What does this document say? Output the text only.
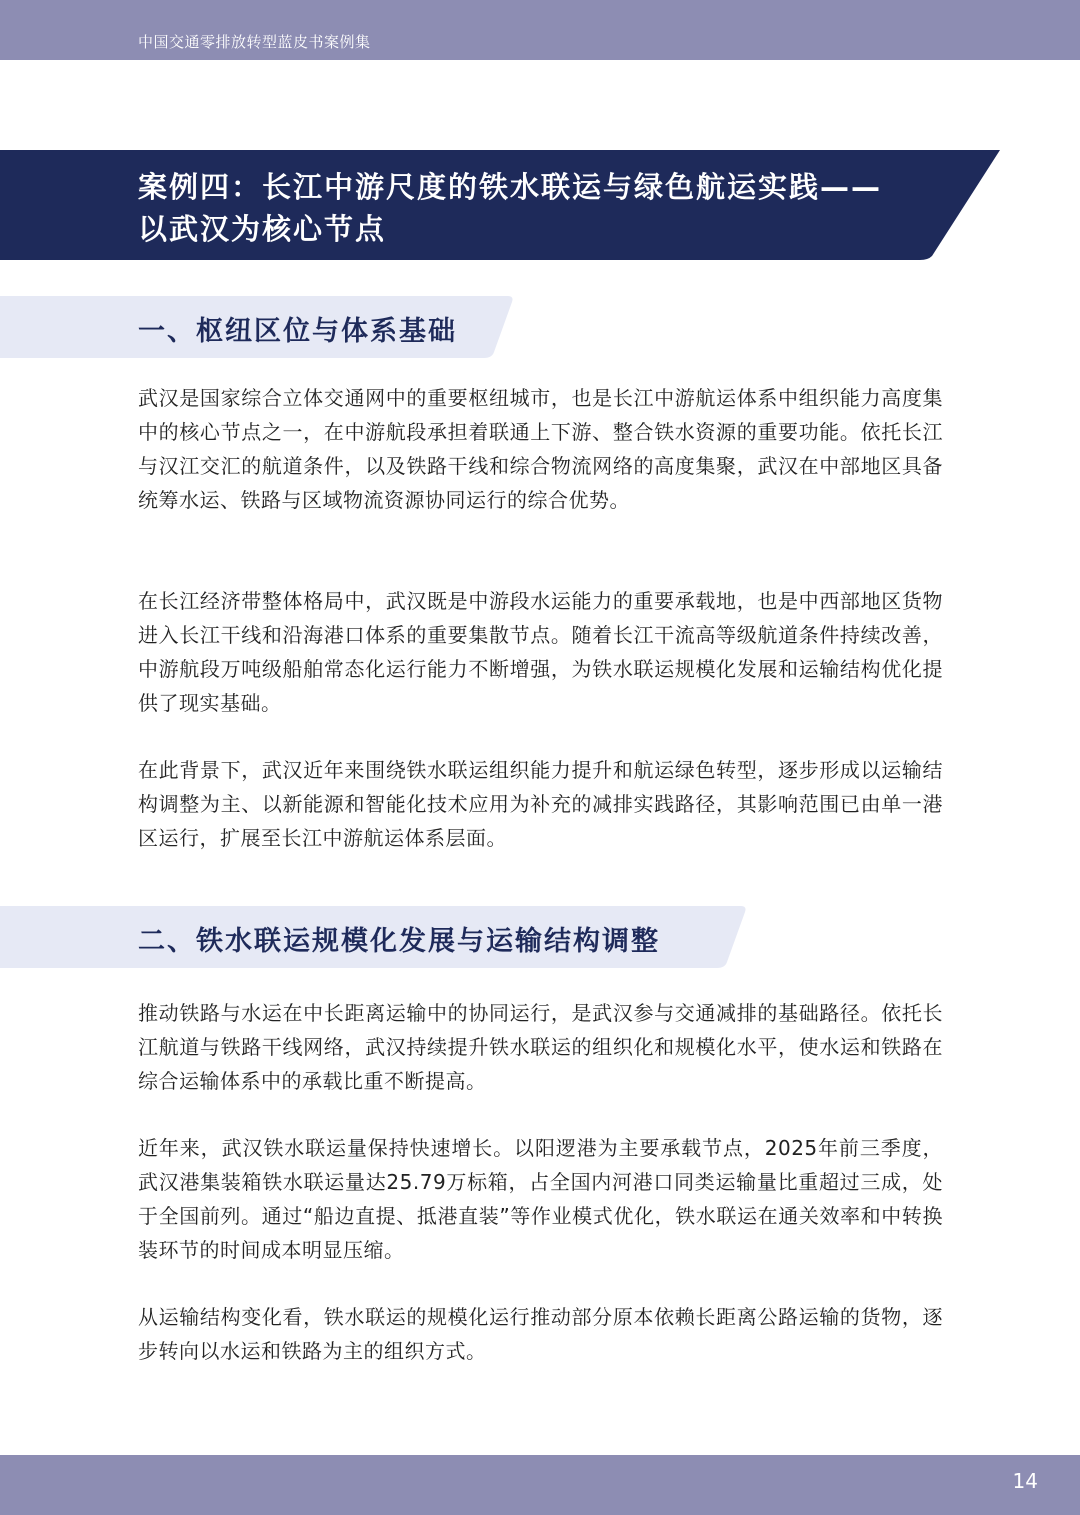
中国交通零排放转型蓝皮书案例集
案例四：长江中游尺度的铁水联运与绿色航运实践——
以武汉为核心节点
一、枢纽区位与体系基础

武汉是国家综合立体交通网中的重要枢纽城市，也是长江中游航运体系中组织能力高度集中的核心节点之一，在中游航段承担着联通上下游、整合铁水资源的重要功能。依托长江与汉江交汇的航道条件，以及铁路干线和综合物流网络的高度集聚，武汉在中部地区具备统筹水运、铁路与区域物流资源协同运行的综合优势。

在长江经济带整体格局中，武汉既是中游段水运能力的重要承载地，也是中西部地区货物进入长江干线和沿海港口体系的重要集散节点。随着长江干流高等级航道条件持续改善，中游航段万吨级船舶常态化运行能力不断增强，为铁水联运规模化发展和运输结构优化提供了现实基础。

在此背景下，武汉近年来围绕铁水联运组织能力提升和航运绿色转型，逐步形成以运输结构调整为主、以新能源和智能化技术应用为补充的减排实践路径，其影响范围已由单一港区运行，扩展至长江中游航运体系层面。

二、铁水联运规模化发展与运输结构调整

推动铁路与水运在中长距离运输中的协同运行，是武汉参与交通减排的基础路径。依托长江航道与铁路干线网络，武汉持续提升铁水联运的组织化和规模化水平，使水运和铁路在综合运输体系中的承载比重不断提高。

近年来，武汉铁水联运量保持快速增长。以阳逻港为主要承载节点，2025年前三季度，武汉港集装箱铁水联运量达25.79万标箱，占全国内河港口同类运输量比重超过三成，处于全国前列。通过“船边直提、抵港直装”等作业模式优化，铁水联运在通关效率和中转换装环节的时间成本明显压缩。

从运输结构变化看，铁水联运的规模化运行推动部分原本依赖长距离公路运输的货物，逐步转向以水运和铁路为主的组织方式。

14
